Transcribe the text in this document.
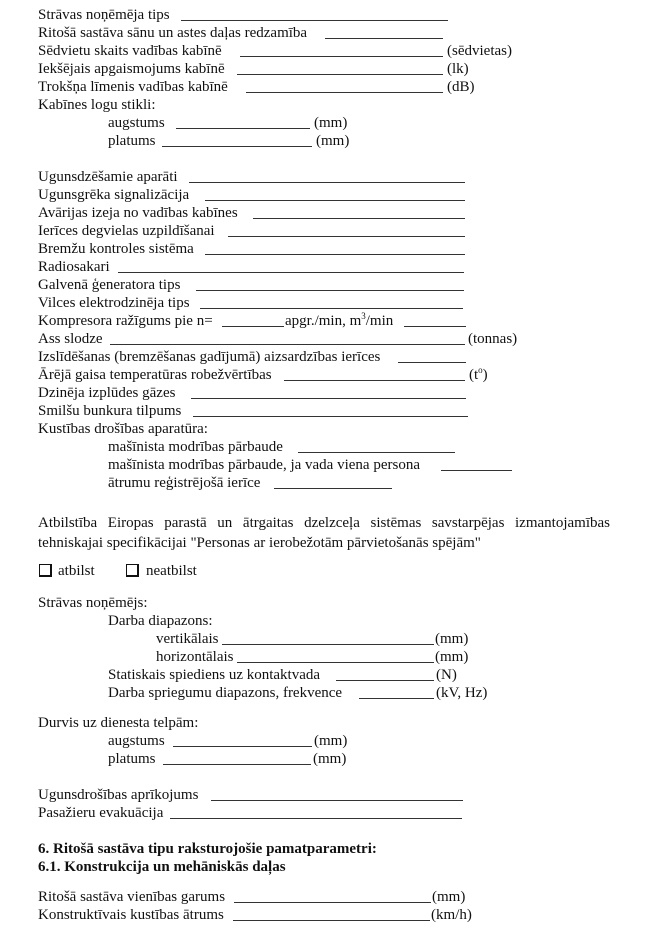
Strāvas noņēmēja tips
Ritošā sastāva sānu un astes daļas redzamība
Sēdvietu skaits vadības kabīnē	(sēdvietas)
Iekšējais apgaismojums kabīnē	(lk)
Trokšņa līmenis vadības kabīnē	(dB)
Kabīnes logu stikli:
augstums	(mm)
platums	(mm)
Ugunsdzēšamie aparāti
Ugunsgrēka signalizācija
Avārijas izeja no vadības kabīnes
Ierīces degvielas uzpildīšanai
Bremžu kontroles sistēma
Radiosakari
Galvenā ģeneratora tips
Vilces elektrodzinēja tips
Kompresora ražīgums pie n=	apgr./min, $m^3/\min$
Ass slodze	(tonnas)
Izslīdēšanas (bremzēšanas gadījumā) aizsardzības ierīces
Ārējā gaisa temperatūras robežvērtības	$(t^o)$
Dzinēja izplūdes gāzes
Smilšu bunkura tilpums
Kustības drošības aparatūra:
mašīnista modrības pārbaude
mašīnista modrības pārbaude, ja vada viena persona
ātrumu reģistrējošā ierīce
Atbilstība Eiropas parastā un ātrgaitas dzelzceļa sistēmas savstarpējas izmantojamības tehniskajai specifikācijai "Personas ar ierobežotām pārvietošanās spējām"
atbilst	neatbilst
Strāvas noņēmējs:
Darba diapazons:
vertikālais	(mm)
horizontālais	(mm)
Statiskais spiediens uz kontaktvada	(N)
Darba spriegumu diapazons, frekvence	(kV, Hz)
Durvis uz dienesta telpām:
augstums	(mm)
platums	(mm)
Ugunsdrošības aprīkojums
Pasažieru evakuācija
6. Ritošā sastāva tipu raksturojošie pamatparametri:
6.1. Konstrukcija un mehāniskās daļas
Ritošā sastāva vienības garums	(mm)
Konstruktīvais kustības ātrums	(km/h)
